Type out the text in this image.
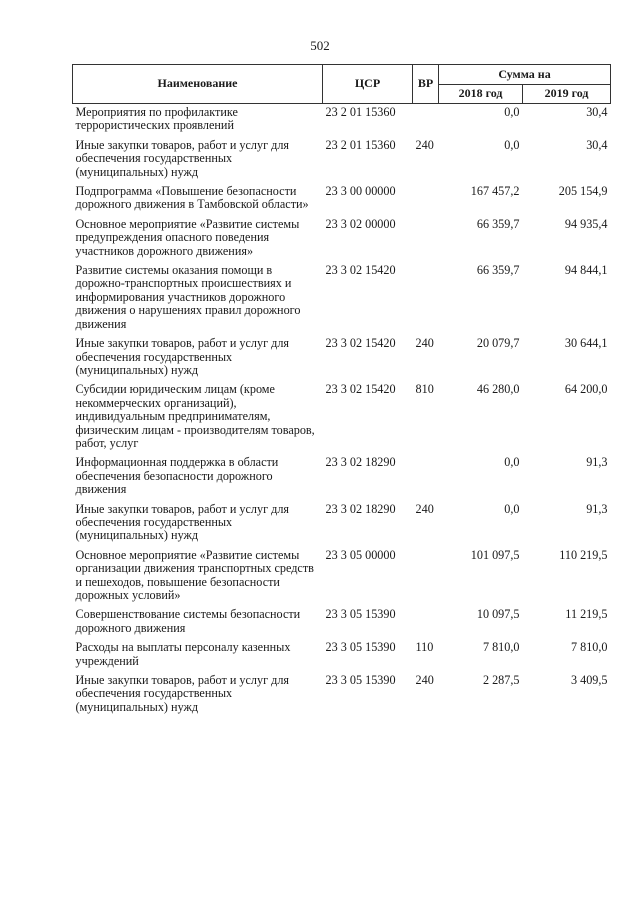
502
Наименование	ЦСР	ВР	Сумма на	
			2018 год	2019 год
Мероприятия по профилактике террористических проявлений	23 2 01 15360		0,0	30,4
Иные закупки товаров, работ и услуг для обеспечения государственных (муниципальных) нужд	23 2 01 15360	240	0,0	30,4
Подпрограмма «Повышение безопасности дорожного движения в Тамбовской области»	23 3 00 00000		167 457,2	205 154,9
Основное мероприятие «Развитие системы предупреждения опасного поведения участников дорожного движения»	23 3 02 00000		66 359,7	94 935,4
Развитие системы оказания помощи в дорожно-транспортных происшествиях и информирования участников дорожного движения о нарушениях правил дорожного движения	23 3 02 15420		66 359,7	94 844,1
Иные закупки товаров, работ и услуг для обеспечения государственных (муниципальных) нужд	23 3 02 15420	240	20 079,7	30 644,1
Субсидии юридическим лицам (кроме некоммерческих организаций), индивидуальным предпринимателям, физическим лицам - производителям товаров, работ, услуг	23 3 02 15420	810	46 280,0	64 200,0
Информационная поддержка в области обеспечения безопасности дорожного движения	23 3 02 18290		0,0	91,3
Иные закупки товаров, работ и услуг для обеспечения государственных (муниципальных) нужд	23 3 02 18290	240	0,0	91,3
Основное мероприятие «Развитие системы организации движения транспортных средств и пешеходов, повышение безопасности дорожных условий»	23 3 05 00000		101 097,5	110 219,5
Совершенствование системы безопасности дорожного движения	23 3 05 15390		10 097,5	11 219,5
Расходы на выплаты персоналу казенных учреждений	23 3 05 15390	110	7 810,0	7 810,0
Иные закупки товаров, работ и услуг для обеспечения государственных (муниципальных) нужд	23 3 05 15390	240	2 287,5	3 409,5
